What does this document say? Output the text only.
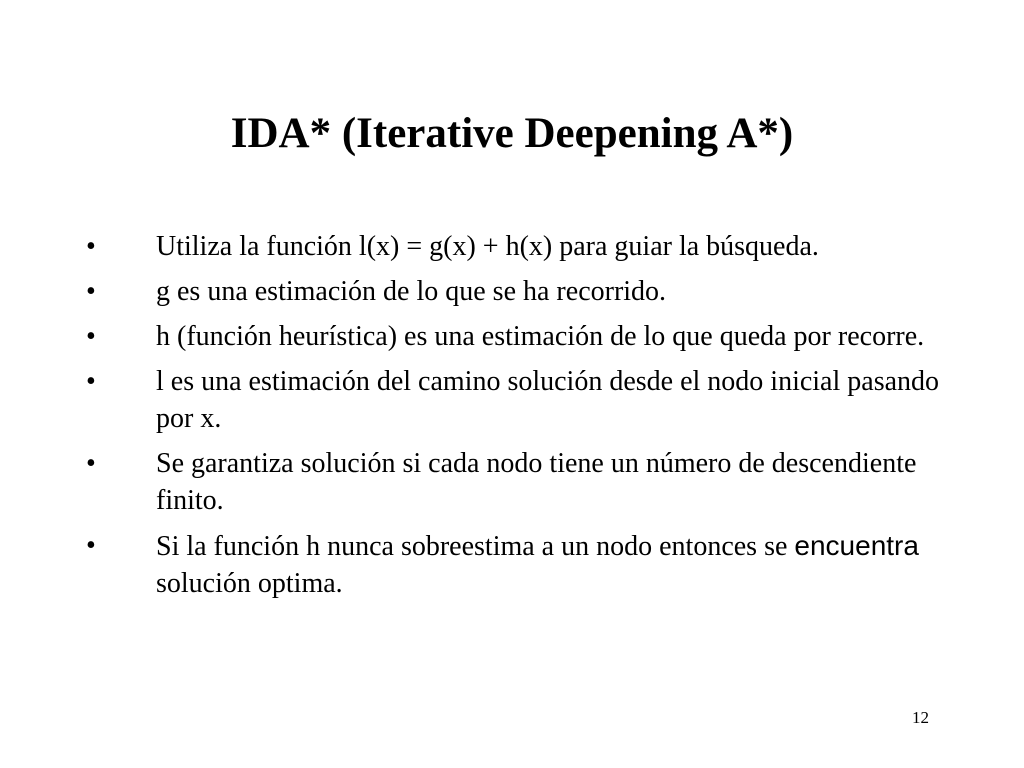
IDA* (Iterative Deepening A*)
•	Utiliza la función l(x) = g(x) + h(x) para guiar la búsqueda.
•	g es una estimación de lo que se ha recorrido.
•	h (función heurística) es una estimación de lo que queda por recorre.
•	l es una estimación del camino solución desde el nodo inicial pasando por x.
•	Se garantiza solución si cada nodo tiene un número de descendiente finito.
•	Si la función h nunca sobreestima a un nodo entonces se encuentra solución optima.
12
